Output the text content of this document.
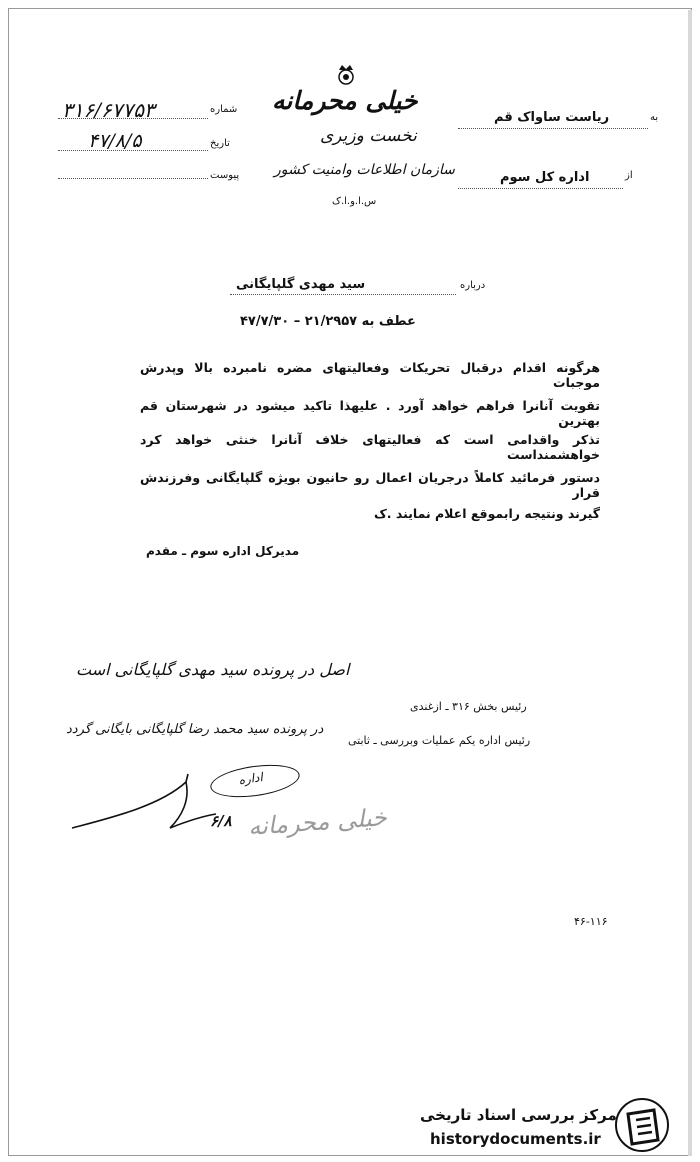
۳۱۶/۶۷۷۵۳	شماره
۴۷/۸/۵	تاریخ
پیوست
خیلی محرمانه
نخست وزیری
سازمان اطلاعات وامنیت کشور
س.ا.و.ا.ک
به
ریاست ساواک قم
از
اداره کل سوم
درباره
سید مهدی گلپایگانی
عطف به ۲۱/۲۹۵۷ – ۴۷/۷/۳۰
هرگونه اقدام درقبال تحریکات وفعالیتهای مضره نامبرده بالا وپدرش موجبات
تقویت آنانرا فراهم خواهد آورد . علیهذا تاکید میشود در شهرستان قم بهترین
تذکر واقدامی است که فعالیتهای خلاف آنانرا خنثی خواهد کرد خواهشمنداست
دستور فرمائید کاملاً درجریان اعمال رو حانیون بویژه گلپایگانی وفرزندش قرار
گیرند ونتیجه رابموقع اعلام نمایند .ک
مدیرکل اداره سوم ـ مقدم
اصل در پرونده سید مهدی گلپایگانی است
رئیس بخش ۳۱۶ ـ ازغندی
در پرونده سید محمد رضا گلپایگانی بایگانی گردد
رئیس اداره یکم عملیات وبررسی ـ ثابتی
اداره
۶/۸ خیلی محرمانه
۴۶-۱۱۶
مرکز بررسی اسناد تاریخی
historydocuments.ir
